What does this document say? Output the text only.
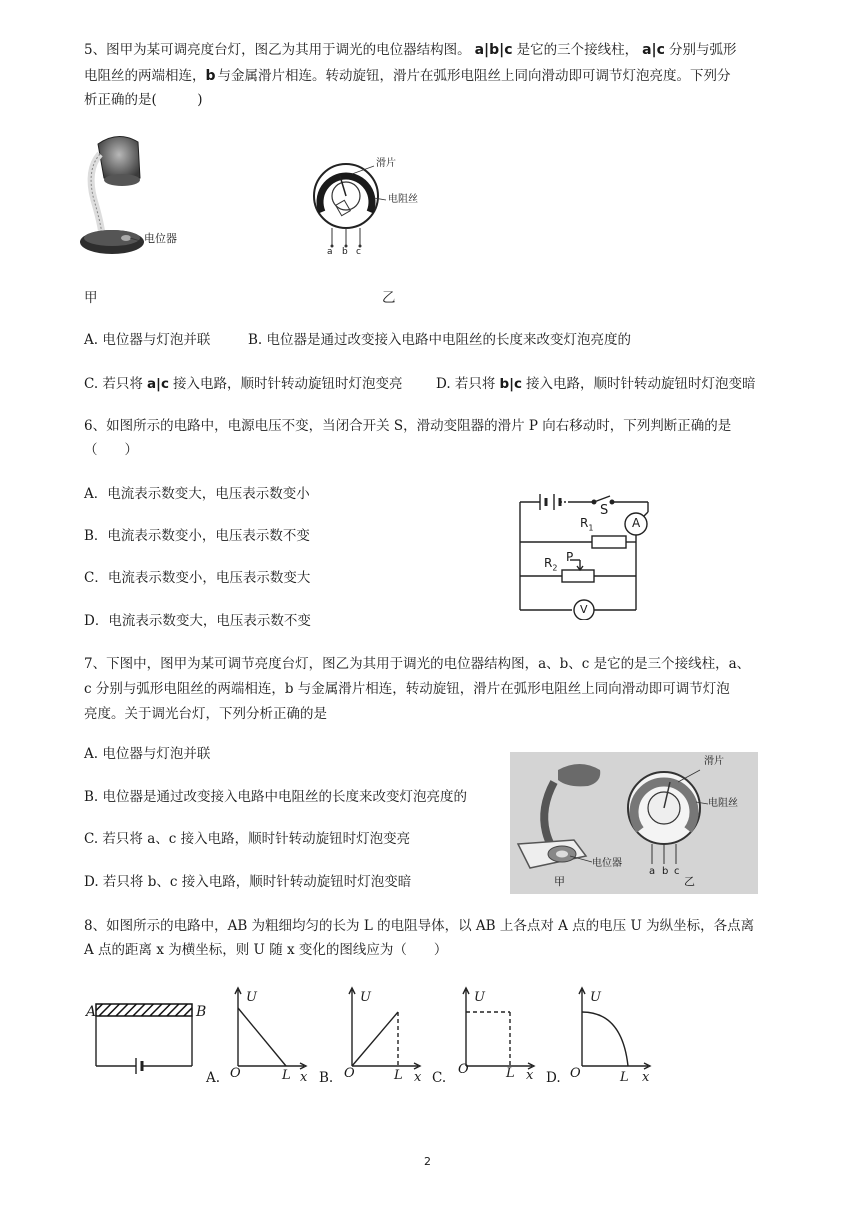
5、图甲为某可调亮度台灯，图乙为其用于调光的电位器结构图。 a|b|c 是它的三个接线柱， a|c 分别与弧形
电阻丝的两端相连，b 与金属滑片相连。转动旋钮，滑片在弧形电阻丝上同向滑动即可调节灯泡亮度。下列分
析正确的是(　　　)
电位器
滑片
电阻丝
a b c
甲	乙
A. 电位器与灯泡并联	B. 电位器是通过改变接入电路中电阻丝的长度来改变灯泡亮度的
C. 若只将 a|c 接入电路，顺时针转动旋钮时灯泡变亮 D. 若只将 b|c 接入电路，顺时针转动旋钮时灯泡变暗
6、如图所示的电路中，电源电压不变，当闭合开关 S，滑动变阻器的滑片 P 向右移动时，下列判断正确的是
（　　）
A．电流表示数变大，电压表示数变小
B．电流表示数变小，电压表示数不变
C．电流表示数变小，电压表示数变大
D．电流表示数变大，电压表示数不变
S
A
$R_1$
$R_2$
P
V
7、下图中，图甲为某可调节亮度台灯，图乙为其用于调光的电位器结构图，a、b、c 是它的是三个接线柱，a、
c 分别与弧形电阻丝的两端相连，b 与金属滑片相连，转动旋钮，滑片在弧形电阻丝上同向滑动即可调节灯泡
亮度。关于调光台灯，下列分析正确的是
A. 电位器与灯泡并联
B. 电位器是通过改变接入电路中电阻丝的长度来改变灯泡亮度的
C. 若只将 a、c 接入电路，顺时针转动旋钮时灯泡变亮
D. 若只将 b、c 接入电路，顺时针转动旋钮时灯泡变暗
滑片
电阻丝
电位器
a b c
甲	乙
8、如图所示的电路中，AB 为粗细均匀的长为 L 的电阻导体，以 AB 上各点对 A 点的电压 U 为纵坐标，各点离
A 点的距离 x 为横坐标，则 U 随 x 变化的图线应为（　　）
A	B
U
O	L x
A.
U
O	L x
B.
U
O	L x
C.
U
O	L x
D.
2
